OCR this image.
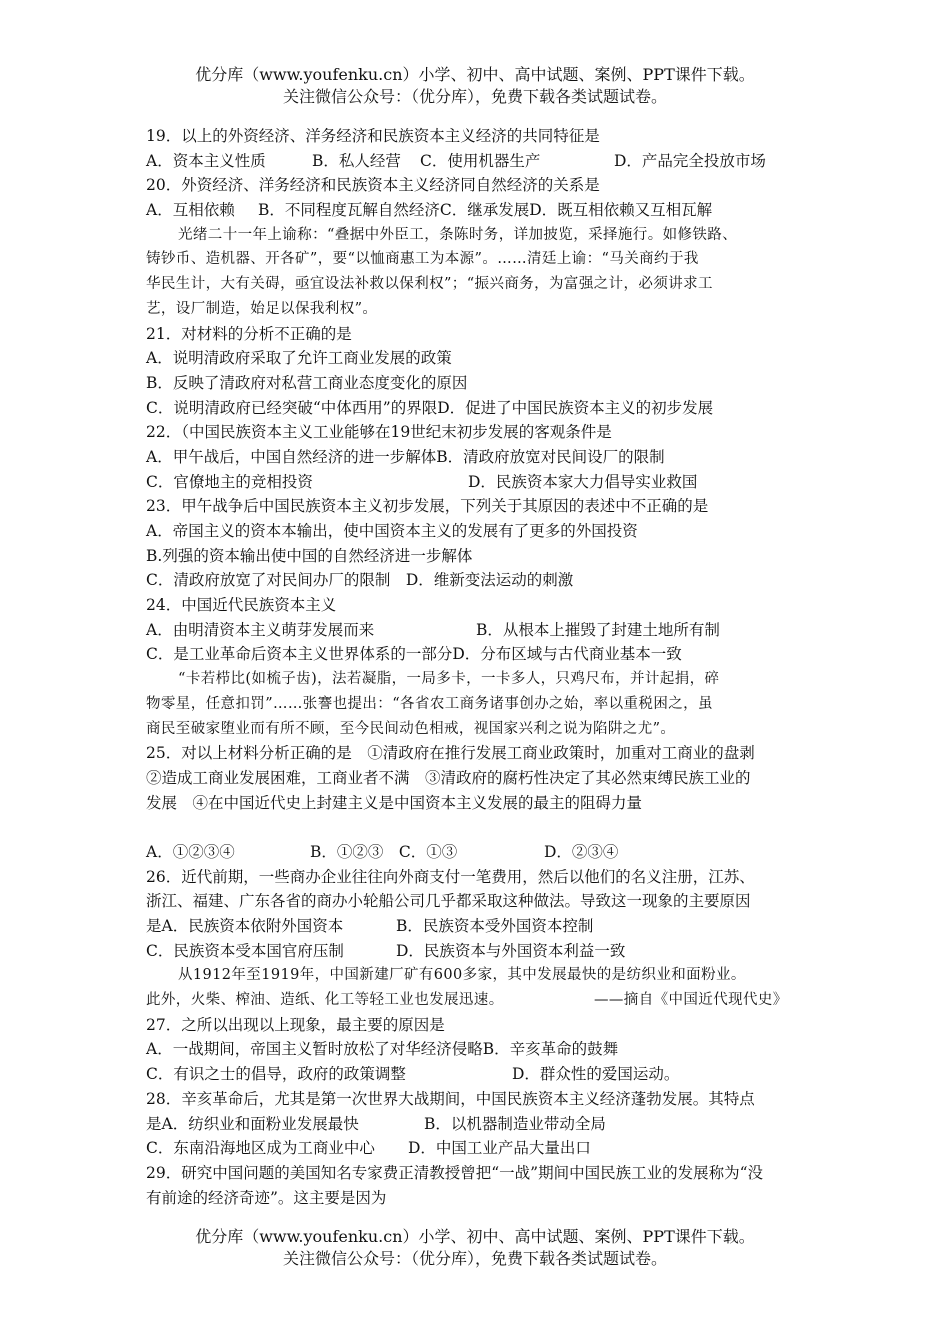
优分库（www.youfenku.cn）小学、初中、高中试题、案例、PPT课件下载。
关注微信公众号：（优分库），免费下载各类试题试卷。
19．以上的外资经济、洋务经济和民族资本主义经济的共同特征是
A．资本主义性质	B．私人经营	C．使用机器生产	D．产品完全投放市场
20．外资经济、洋务经济和民族资本主义经济同自然经济的关系是
A．互相依赖	B．不同程度瓦解自然经济C．继承发展D．既互相依赖又互相瓦解
光绪二十一年上谕称：“叠据中外臣工，条陈时务，详加披览，采择施行。如修铁路、
铸钞币、造机器、开各矿”，要“以恤商惠工为本源”。……清廷上谕：“马关商约于我
华民生计，大有关碍，亟宜设法补救以保利权”；“振兴商务，为富强之计，必须讲求工
艺，设厂制造，始足以保我利权”。
21．对材料的分析不正确的是
A．说明清政府采取了允许工商业发展的政策
B．反映了清政府对私营工商业态度变化的原因
C．说明清政府已经突破“中体西用”的界限D．促进了中国民族资本主义的初步发展
22．（中国民族资本主义工业能够在19世纪末初步发展的客观条件是
A．甲午战后，中国自然经济的进一步解体B．清政府放宽对民间设厂的限制
C．官僚地主的竞相投资	D．民族资本家大力倡导实业救国
23．甲午战争后中国民族资本主义初步发展，下列关于其原因的表述中不正确的是
A．帝国主义的资本本输出，使中国资本主义的发展有了更多的外国投资
B.列强的资本输出使中国的自然经济进一步解体
C．清政府放宽了对民间办厂的限制　D．维新变法运动的刺激
24．中国近代民族资本主义
A．由明清资本主义萌芽发展而来	B．从根本上摧毁了封建土地所有制
C．是工业革命后资本主义世界体系的一部分D．分布区域与古代商业基本一致
“卡若栉比(如梳子齿)，法若凝脂，一局多卡，一卡多人，只鸡尺布，并计起捐，碎
物零星，任意扣罚”……张謇也提出：“各省农工商务诸事创办之始，率以重税困之，虽
商民至破家堕业而有所不顾，至今民间动色相戒，视国家兴利之说为陷阱之尤”。
25．对以上材料分析正确的是　①清政府在推行发展工商业政策时，加重对工商业的盘剥
②造成工商业发展困难，工商业者不满　③清政府的腐朽性决定了其必然束缚民族工业的
发展　④在中国近代史上封建主义是中国资本主义发展的最主的阻碍力量
A．①②③④	B．①②③　C．①③	D．②③④
26．近代前期，一些商办企业往往向外商支付一笔费用，然后以他们的名义注册，江苏、
浙江、福建、广东各省的商办小轮船公司几乎都采取这种做法。导致这一现象的主要原因
是A．民族资本依附外国资本	B．民族资本受外国资本控制
C．民族资本受本国官府压制	D．民族资本与外国资本利益一致
从1912年至1919年，中国新建厂矿有600多家，其中发展最快的是纺织业和面粉业。
此外，火柴、榨油、造纸、化工等轻工业也发展迅速。	——摘自《中国近代现代史》
27．之所以出现以上现象，最主要的原因是
A．一战期间，帝国主义暂时放松了对华经济侵略B．辛亥革命的鼓舞
C．有识之士的倡导，政府的政策调整	D．群众性的爱国运动。
28．辛亥革命后，尤其是第一次世界大战期间，中国民族资本主义经济蓬勃发展。其特点
是A．纺织业和面粉业发展最快	B．以机器制造业带动全局
C．东南沿海地区成为工商业中心	D．中国工业产品大量出口
29．研究中国问题的美国知名专家费正清教授曾把“一战”期间中国民族工业的发展称为“没
有前途的经济奇迹”。这主要是因为
优分库（www.youfenku.cn）小学、初中、高中试题、案例、PPT课件下载。
关注微信公众号：（优分库），免费下载各类试题试卷。
